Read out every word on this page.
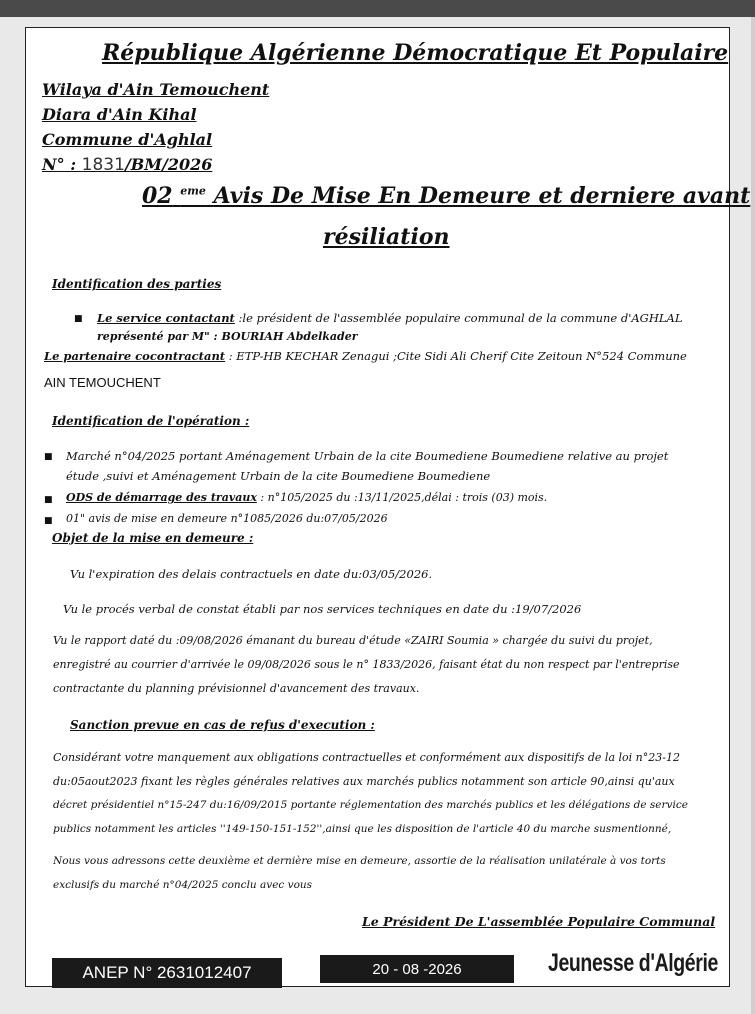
République Algérienne Démocratique Et Populaire
Wilaya d'Ain Temouchent
Diara d'Ain Kihal
Commune d'Aghlal
N° : 1831/BM/2026
02 $^{eme}$ Avis De Mise En Demeure et derniere avant
résiliation
Identification des parties
■ Le service contactant :le président de l'assemblée populaire communal de la commune d'AGHLAL
représenté par M" : BOURIAH Abdelkader
Le partenaire cocontractant : ETP-HB KECHAR Zenagui ;Cite Sidi Ali Cherif Cite Zeitoun N°524 Commune
AIN TEMOUCHENT
Identification de l'opération :
■ Marché n°04/2025 portant Aménagement Urbain de la cite Boumediene Boumediene relative au projet
étude ,suivi et Aménagement Urbain de la cite Boumediene Boumediene
■ ODS de démarrage des travaux : n°105/2025 du :13/11/2025,délai : trois (03) mois.
■ 01" avis de mise en demeure n°1085/2026 du:07/05/2026
Objet de la mise en demeure :
Vu l'expiration des delais contractuels en date du:03/05/2026.
Vu le procés verbal de constat établi par nos services techniques en date du :19/07/2026
Vu le rapport daté du :09/08/2026 émanant du bureau d'étude «ZAIRI Soumia » chargée du suivi du projet,
enregistré au courrier d'arrivée le 09/08/2026 sous le n° 1833/2026, faisant état du non respect par l'entreprise
contractante du planning prévisionnel d'avancement des travaux.
Sanction prevue en cas de refus d'execution :
Considérant votre manquement aux obligations contractuelles et conformément aux dispositifs de la loi n°23-12
du:05aout2023 fixant les règles générales relatives aux marchés publics notamment son article 90,ainsi qu'aux
décret présidentiel n°15-247 du:16/09/2015 portante réglementation des marchés publics et les délégations de service
publics notamment les articles ''149-150-151-152'',ainsi que les disposition de l'article 40 du marche susmentionné,
Nous vous adressons cette deuxième et dernière mise en demeure, assortie de la réalisation unilatérale à vos torts
exclusifs du marché n°04/2025 conclu avec vous
Le Président De L'assemblée Populaire Communal
ANEP N° 2631012407	20 - 08 -2026	Jeunesse d'Algérie
